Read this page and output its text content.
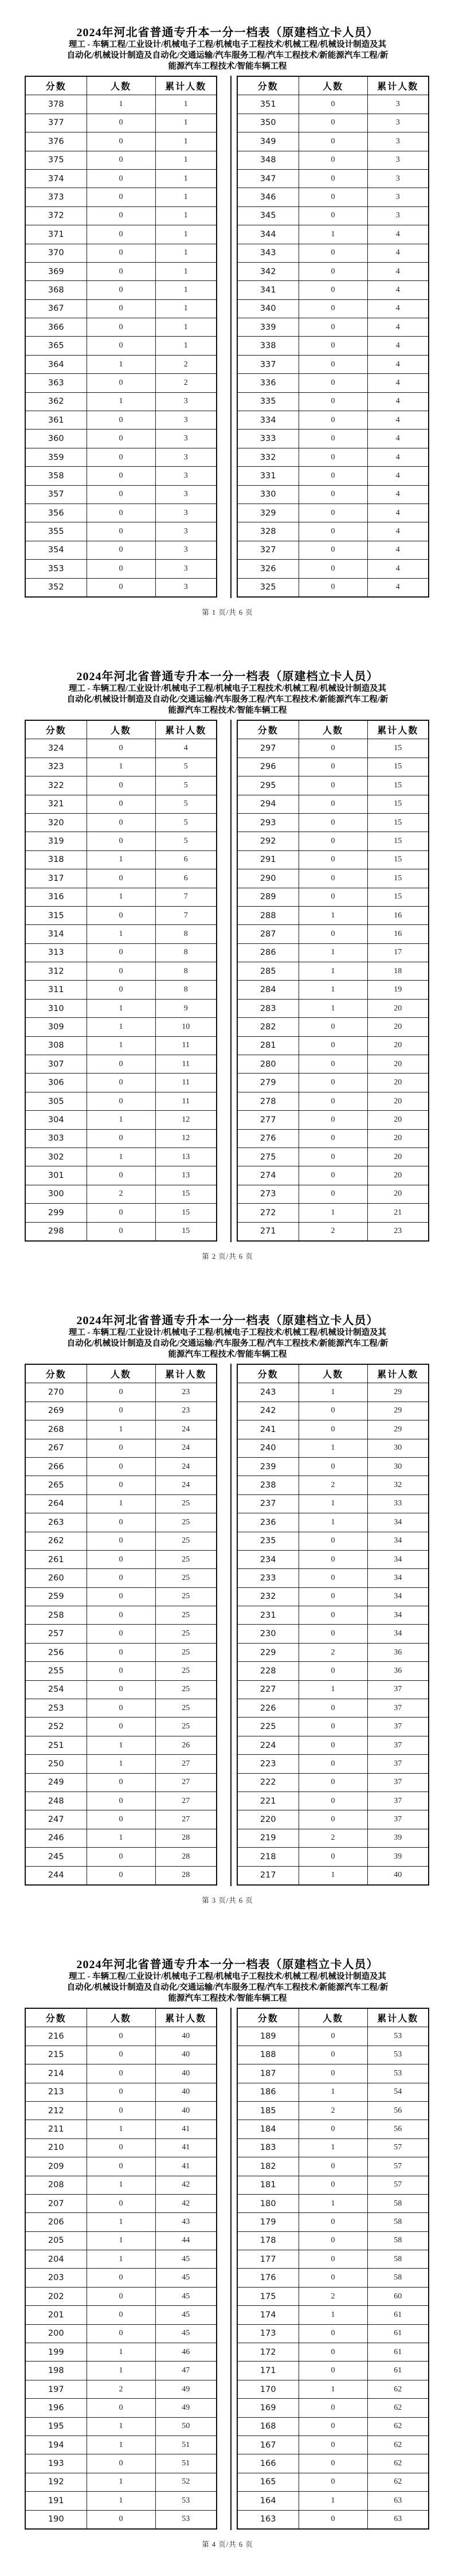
2024年河北省普通专升本一分一档表（原建档立卡人员）
理工 - 车辆工程/工业设计/机械电子工程/机械电子工程技术/机械工程/机械设计制造及其
自动化/机械设计制造及自动化/交通运输/汽车服务工程/汽车工程技术/新能源汽车工程/新
能源汽车工程技术/智能车辆工程
分数	人数	累计人数
378	1	1
377	0	1
376	0	1
375	0	1
374	0	1
373	0	1
372	0	1
371	0	1
370	0	1
369	0	1
368	0	1
367	0	1
366	0	1
365	0	1
364	1	2
363	0	2
362	1	3
361	0	3
360	0	3
359	0	3
358	0	3
357	0	3
356	0	3
355	0	3
354	0	3
353	0	3
352	0	3
分数	人数	累计人数
351	0	3
350	0	3
349	0	3
348	0	3
347	0	3
346	0	3
345	0	3
344	1	4
343	0	4
342	0	4
341	0	4
340	0	4
339	0	4
338	0	4
337	0	4
336	0	4
335	0	4
334	0	4
333	0	4
332	0	4
331	0	4
330	0	4
329	0	4
328	0	4
327	0	4
326	0	4
325	0	4
第 1 页/共 6 页
2024年河北省普通专升本一分一档表（原建档立卡人员）
理工 - 车辆工程/工业设计/机械电子工程/机械电子工程技术/机械工程/机械设计制造及其
自动化/机械设计制造及自动化/交通运输/汽车服务工程/汽车工程技术/新能源汽车工程/新
能源汽车工程技术/智能车辆工程
分数	人数	累计人数
324	0	4
323	1	5
322	0	5
321	0	5
320	0	5
319	0	5
318	1	6
317	0	6
316	1	7
315	0	7
314	1	8
313	0	8
312	0	8
311	0	8
310	1	9
309	1	10
308	1	11
307	0	11
306	0	11
305	0	11
304	1	12
303	0	12
302	1	13
301	0	13
300	2	15
299	0	15
298	0	15
分数	人数	累计人数
297	0	15
296	0	15
295	0	15
294	0	15
293	0	15
292	0	15
291	0	15
290	0	15
289	0	15
288	1	16
287	0	16
286	1	17
285	1	18
284	1	19
283	1	20
282	0	20
281	0	20
280	0	20
279	0	20
278	0	20
277	0	20
276	0	20
275	0	20
274	0	20
273	0	20
272	1	21
271	2	23
第 2 页/共 6 页
2024年河北省普通专升本一分一档表（原建档立卡人员）
理工 - 车辆工程/工业设计/机械电子工程/机械电子工程技术/机械工程/机械设计制造及其
自动化/机械设计制造及自动化/交通运输/汽车服务工程/汽车工程技术/新能源汽车工程/新
能源汽车工程技术/智能车辆工程
分数	人数	累计人数
270	0	23
269	0	23
268	1	24
267	0	24
266	0	24
265	0	24
264	1	25
263	0	25
262	0	25
261	0	25
260	0	25
259	0	25
258	0	25
257	0	25
256	0	25
255	0	25
254	0	25
253	0	25
252	0	25
251	1	26
250	1	27
249	0	27
248	0	27
247	0	27
246	1	28
245	0	28
244	0	28
分数	人数	累计人数
243	1	29
242	0	29
241	0	29
240	1	30
239	0	30
238	2	32
237	1	33
236	1	34
235	0	34
234	0	34
233	0	34
232	0	34
231	0	34
230	0	34
229	2	36
228	0	36
227	1	37
226	0	37
225	0	37
224	0	37
223	0	37
222	0	37
221	0	37
220	0	37
219	2	39
218	0	39
217	1	40
第 3 页/共 6 页
2024年河北省普通专升本一分一档表（原建档立卡人员）
理工 - 车辆工程/工业设计/机械电子工程/机械电子工程技术/机械工程/机械设计制造及其
自动化/机械设计制造及自动化/交通运输/汽车服务工程/汽车工程技术/新能源汽车工程/新
能源汽车工程技术/智能车辆工程
分数	人数	累计人数
216	0	40
215	0	40
214	0	40
213	0	40
212	0	40
211	1	41
210	0	41
209	0	41
208	1	42
207	0	42
206	1	43
205	1	44
204	1	45
203	0	45
202	0	45
201	0	45
200	0	45
199	1	46
198	1	47
197	2	49
196	0	49
195	1	50
194	1	51
193	0	51
192	1	52
191	1	53
190	0	53
分数	人数	累计人数
189	0	53
188	0	53
187	0	53
186	1	54
185	2	56
184	0	56
183	1	57
182	0	57
181	0	57
180	1	58
179	0	58
178	0	58
177	0	58
176	0	58
175	2	60
174	1	61
173	0	61
172	0	61
171	0	61
170	1	62
169	0	62
168	0	62
167	0	62
166	0	62
165	0	62
164	1	63
163	0	63
第 4 页/共 6 页
